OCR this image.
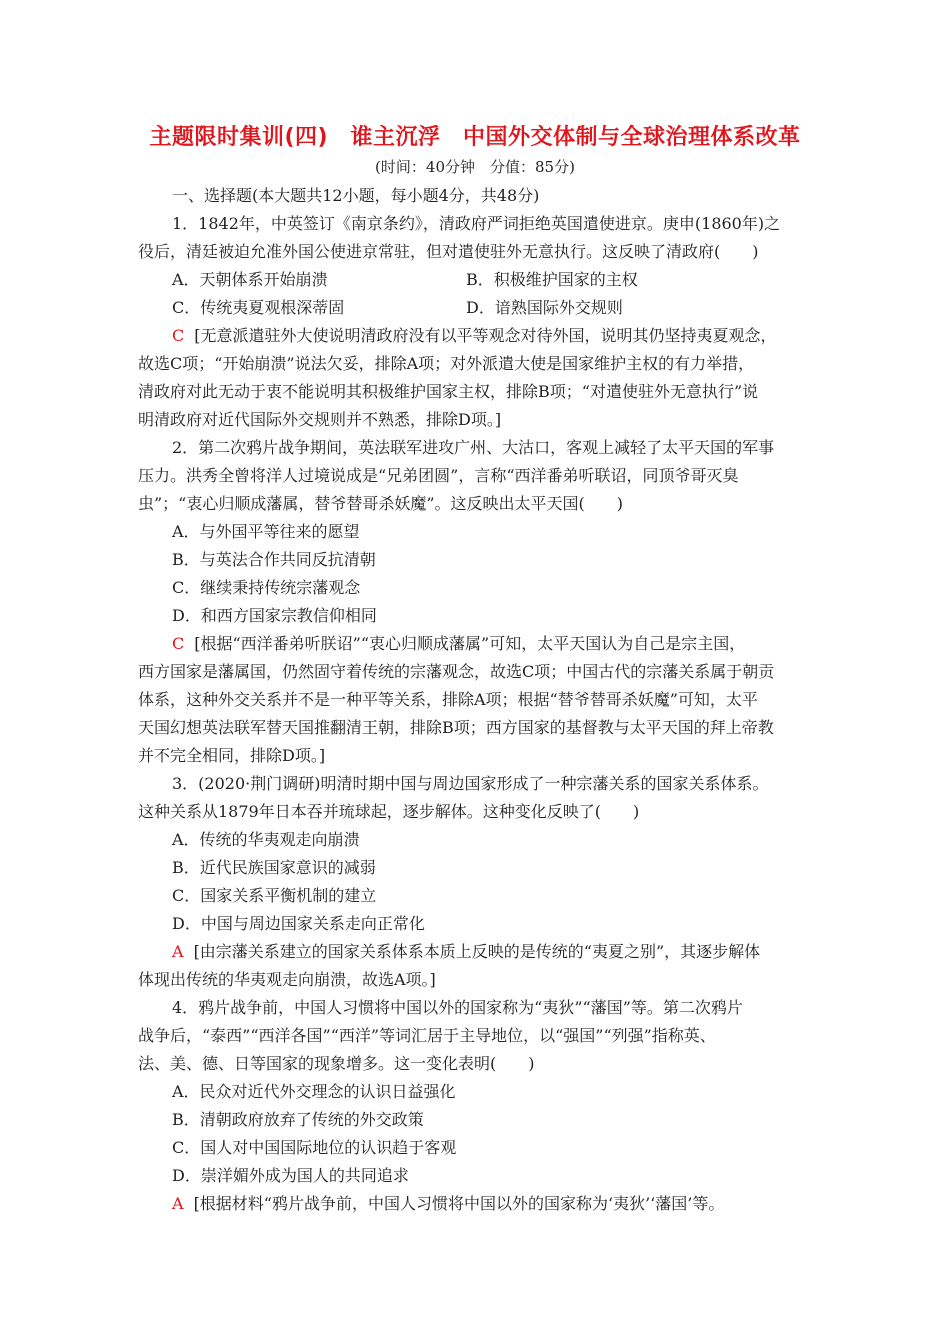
主题限时集训(四)　谁主沉浮　中国外交体制与全球治理体系改革
(时间：40分钟　分值：85分)
一、选择题(本大题共12小题，每小题4分，共48分)
1．1842年，中英签订《南京条约》，清政府严词拒绝英国遣使进京。庚申(1860年)之
役后，清廷被迫允准外国公使进京常驻，但对遣使驻外无意执行。这反映了清政府(　　)
A．天朝体系开始崩溃	B．积极维护国家的主权
C．传统夷夏观根深蒂固	D．谙熟国际外交规则
C [无意派遣驻外大使说明清政府没有以平等观念对待外国，说明其仍坚持夷夏观念，
故选C项；“开始崩溃”说法欠妥，排除A项；对外派遣大使是国家维护主权的有力举措，
清政府对此无动于衷不能说明其积极维护国家主权，排除B项；“对遣使驻外无意执行”说
明清政府对近代国际外交规则并不熟悉，排除D项。]
2．第二次鸦片战争期间，英法联军进攻广州、大沽口，客观上减轻了太平天国的军事
压力。洪秀全曾将洋人过境说成是“兄弟团圆”，言称“西洋番弟听联诏，同顶爷哥灭臭
虫”；“衷心归顺成藩属，替爷替哥杀妖魔”。这反映出太平天国(　　)
A．与外国平等往来的愿望
B．与英法合作共同反抗清朝
C．继续秉持传统宗藩观念
D．和西方国家宗教信仰相同
C [根据“西洋番弟听朕诏”“衷心归顺成藩属”可知，太平天国认为自己是宗主国，
西方国家是藩属国，仍然固守着传统的宗藩观念，故选C项；中国古代的宗藩关系属于朝贡
体系，这种外交关系并不是一种平等关系，排除A项；根据“替爷替哥杀妖魔”可知，太平
天国幻想英法联军替天国推翻清王朝，排除B项；西方国家的基督教与太平天国的拜上帝教
并不完全相同，排除D项。]
3．(2020·荆门调研)明清时期中国与周边国家形成了一种宗藩关系的国家关系体系。
这种关系从1879年日本吞并琉球起，逐步解体。这种变化反映了(　　)
A．传统的华夷观走向崩溃
B．近代民族国家意识的减弱
C．国家关系平衡机制的建立
D．中国与周边国家关系走向正常化
A [由宗藩关系建立的国家关系体系本质上反映的是传统的“夷夏之别”，其逐步解体
体现出传统的华夷观走向崩溃，故选A项。]
4．鸦片战争前，中国人习惯将中国以外的国家称为“夷狄”“藩国”等。第二次鸦片
战争后，“泰西”“西洋各国”“西洋”等词汇居于主导地位，以“强国”“列强”指称英、
法、美、德、日等国家的现象增多。这一变化表明(　　)
A．民众对近代外交理念的认识日益强化
B．清朝政府放弃了传统的外交政策
C．国人对中国国际地位的认识趋于客观
D．崇洋媚外成为国人的共同追求
A [根据材料“鸦片战争前，中国人习惯将中国以外的国家称为‘夷狄’‘藩国’等。
